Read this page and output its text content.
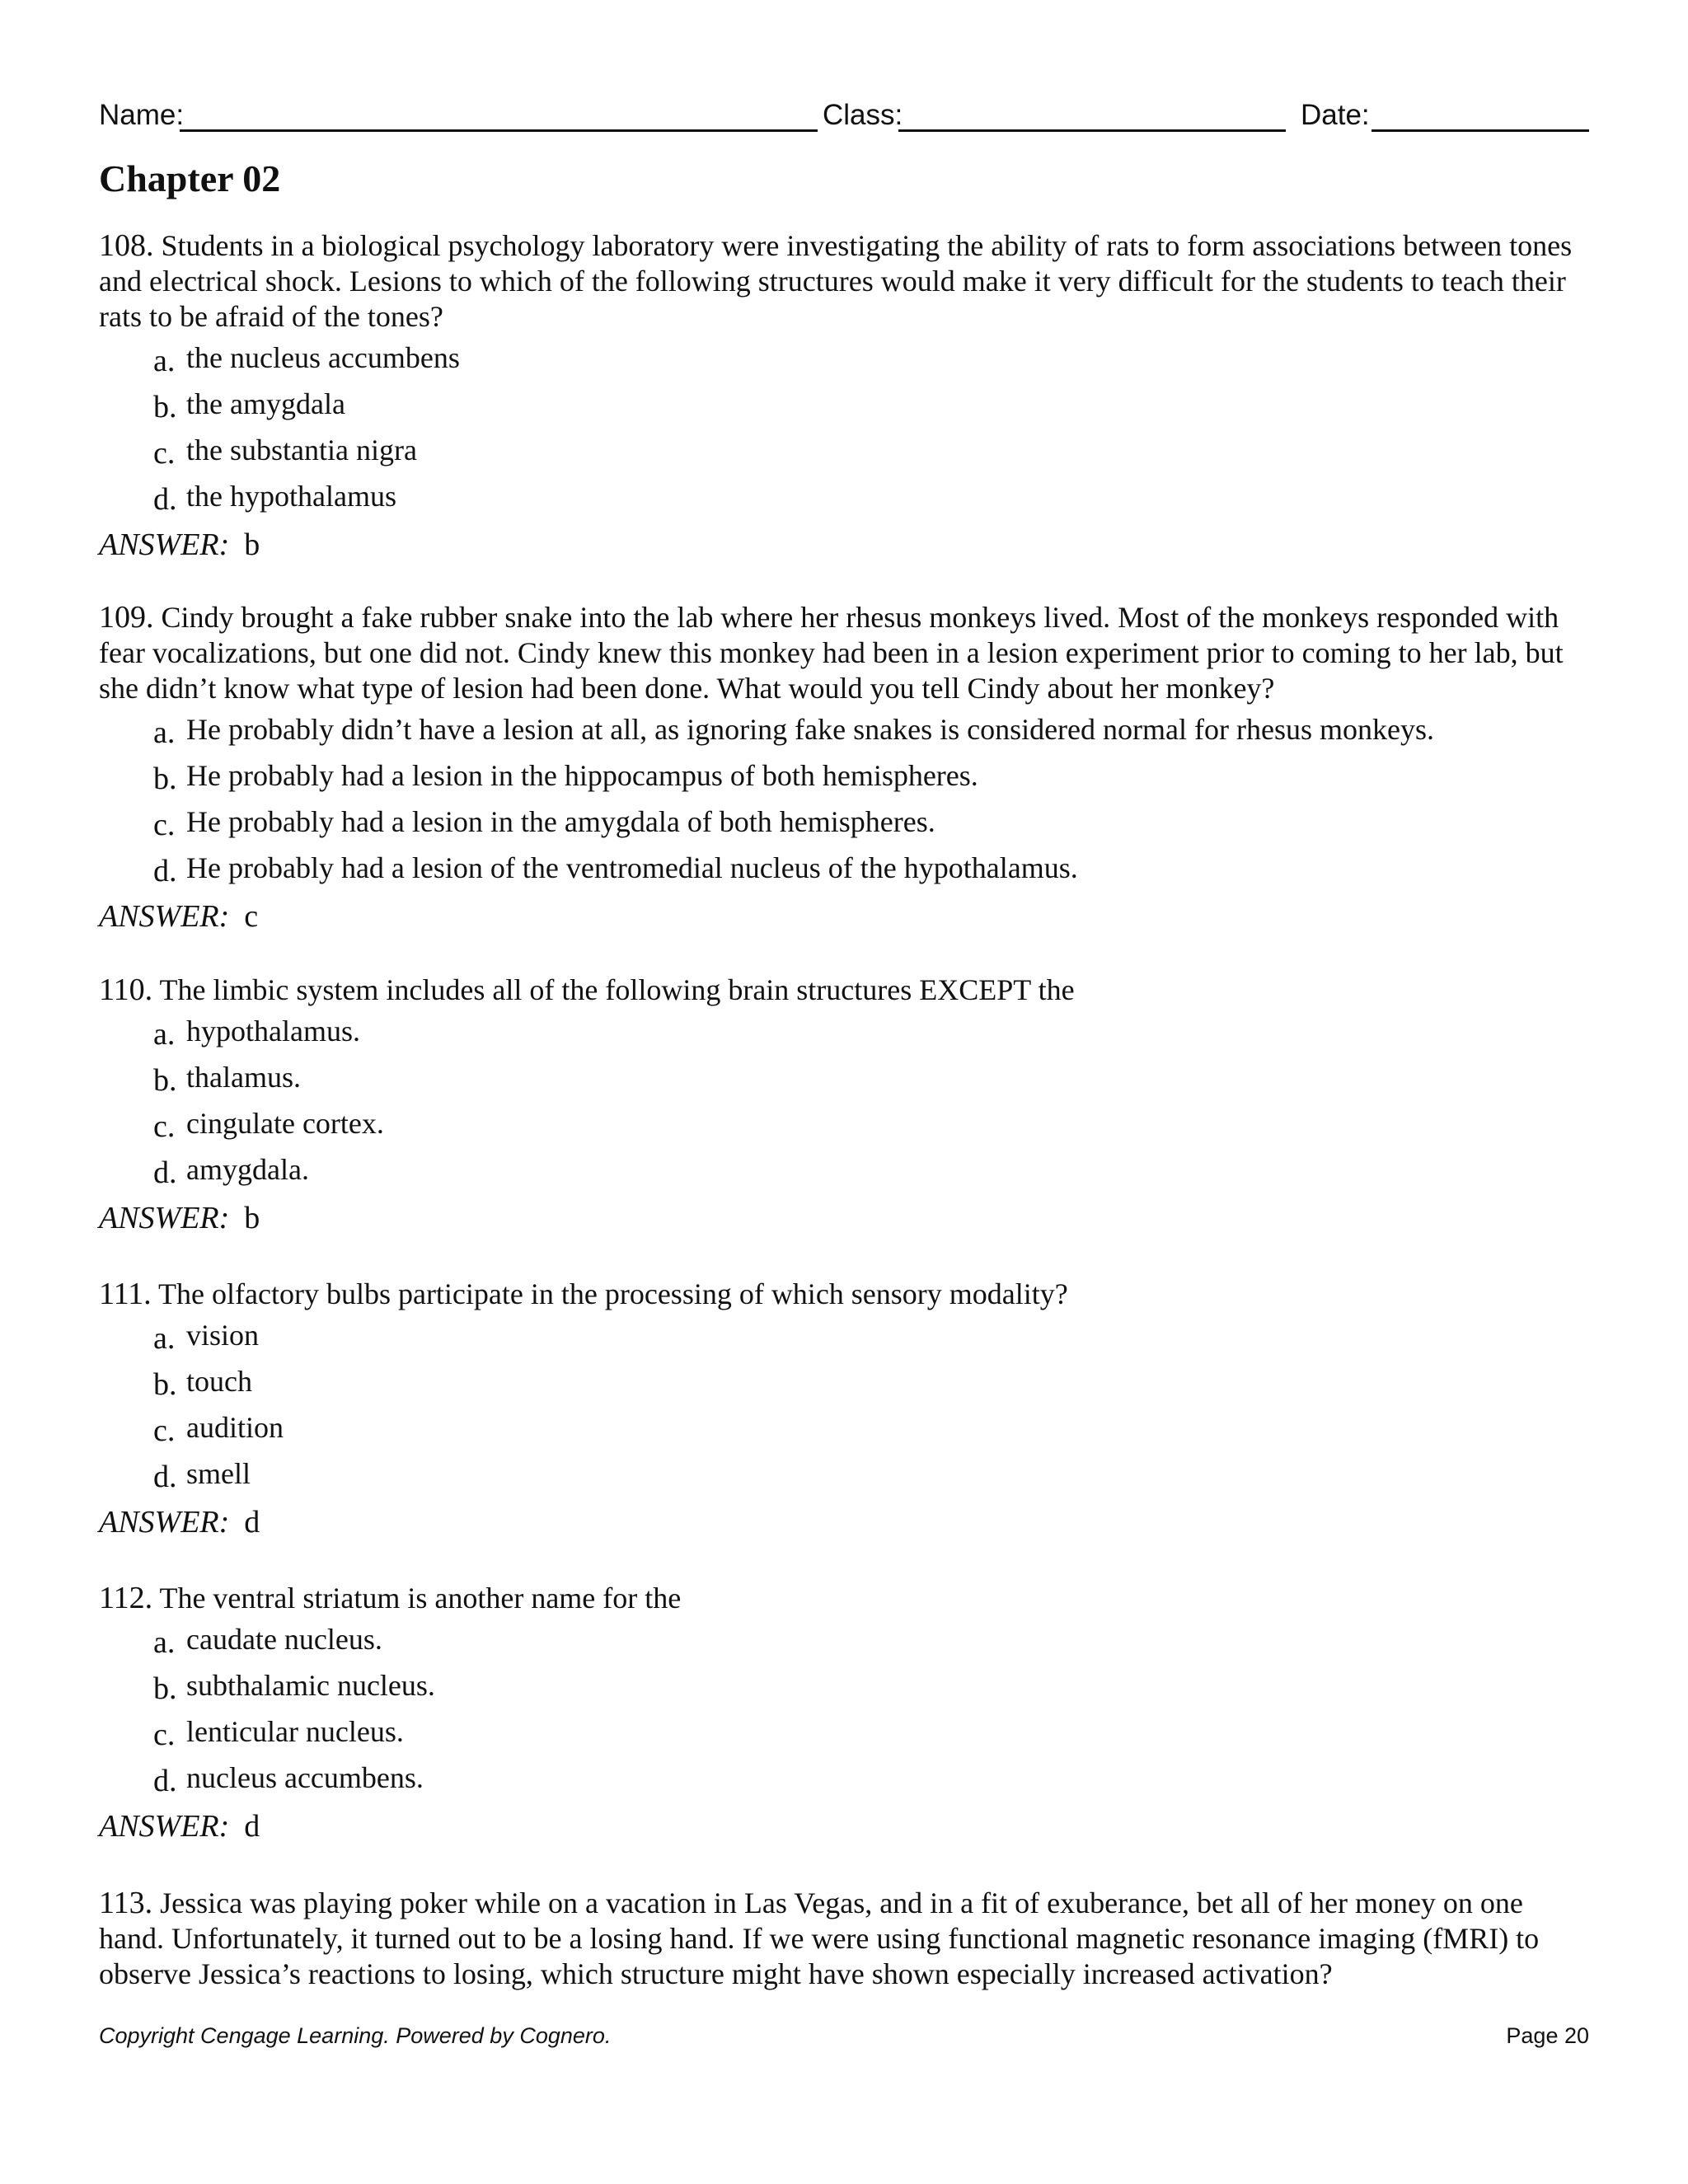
Name:	Class:	Date:
Chapter 02

108. Students in a biological psychology laboratory were investigating the ability of rats to form associations between tones and electrical shock. Lesions to which of the following structures would make it very difficult for the students to teach their rats to be afraid of the tones?

a. the nucleus accumbens
b. the amygdala
c. the substantia nigra
d. the hypothalamus

ANSWER: b

109. Cindy brought a fake rubber snake into the lab where her rhesus monkeys lived. Most of the monkeys responded with fear vocalizations, but one did not. Cindy knew this monkey had been in a lesion experiment prior to coming to her lab, but she didn’t know what type of lesion had been done. What would you tell Cindy about her monkey?

a. He probably didn’t have a lesion at all, as ignoring fake snakes is considered normal for rhesus monkeys.
b. He probably had a lesion in the hippocampus of both hemispheres.
c. He probably had a lesion in the amygdala of both hemispheres.
d. He probably had a lesion of the ventromedial nucleus of the hypothalamus.

ANSWER: c

110. The limbic system includes all of the following brain structures EXCEPT the

a. hypothalamus.
b. thalamus.
c. cingulate cortex.
d. amygdala.

ANSWER: b

111. The olfactory bulbs participate in the processing of which sensory modality?

a. vision
b. touch
c. audition
d. smell

ANSWER: d

112. The ventral striatum is another name for the

a. caudate nucleus.
b. subthalamic nucleus.
c. lenticular nucleus.
d. nucleus accumbens.

ANSWER: d

113. Jessica was playing poker while on a vacation in Las Vegas, and in a fit of exuberance, bet all of her money on one hand. Unfortunately, it turned out to be a losing hand. If we were using functional magnetic resonance imaging (fMRI) to observe Jessica’s reactions to losing, which structure might have shown especially increased activation?

Copyright Cengage Learning. Powered by Cognero.	Page 20
